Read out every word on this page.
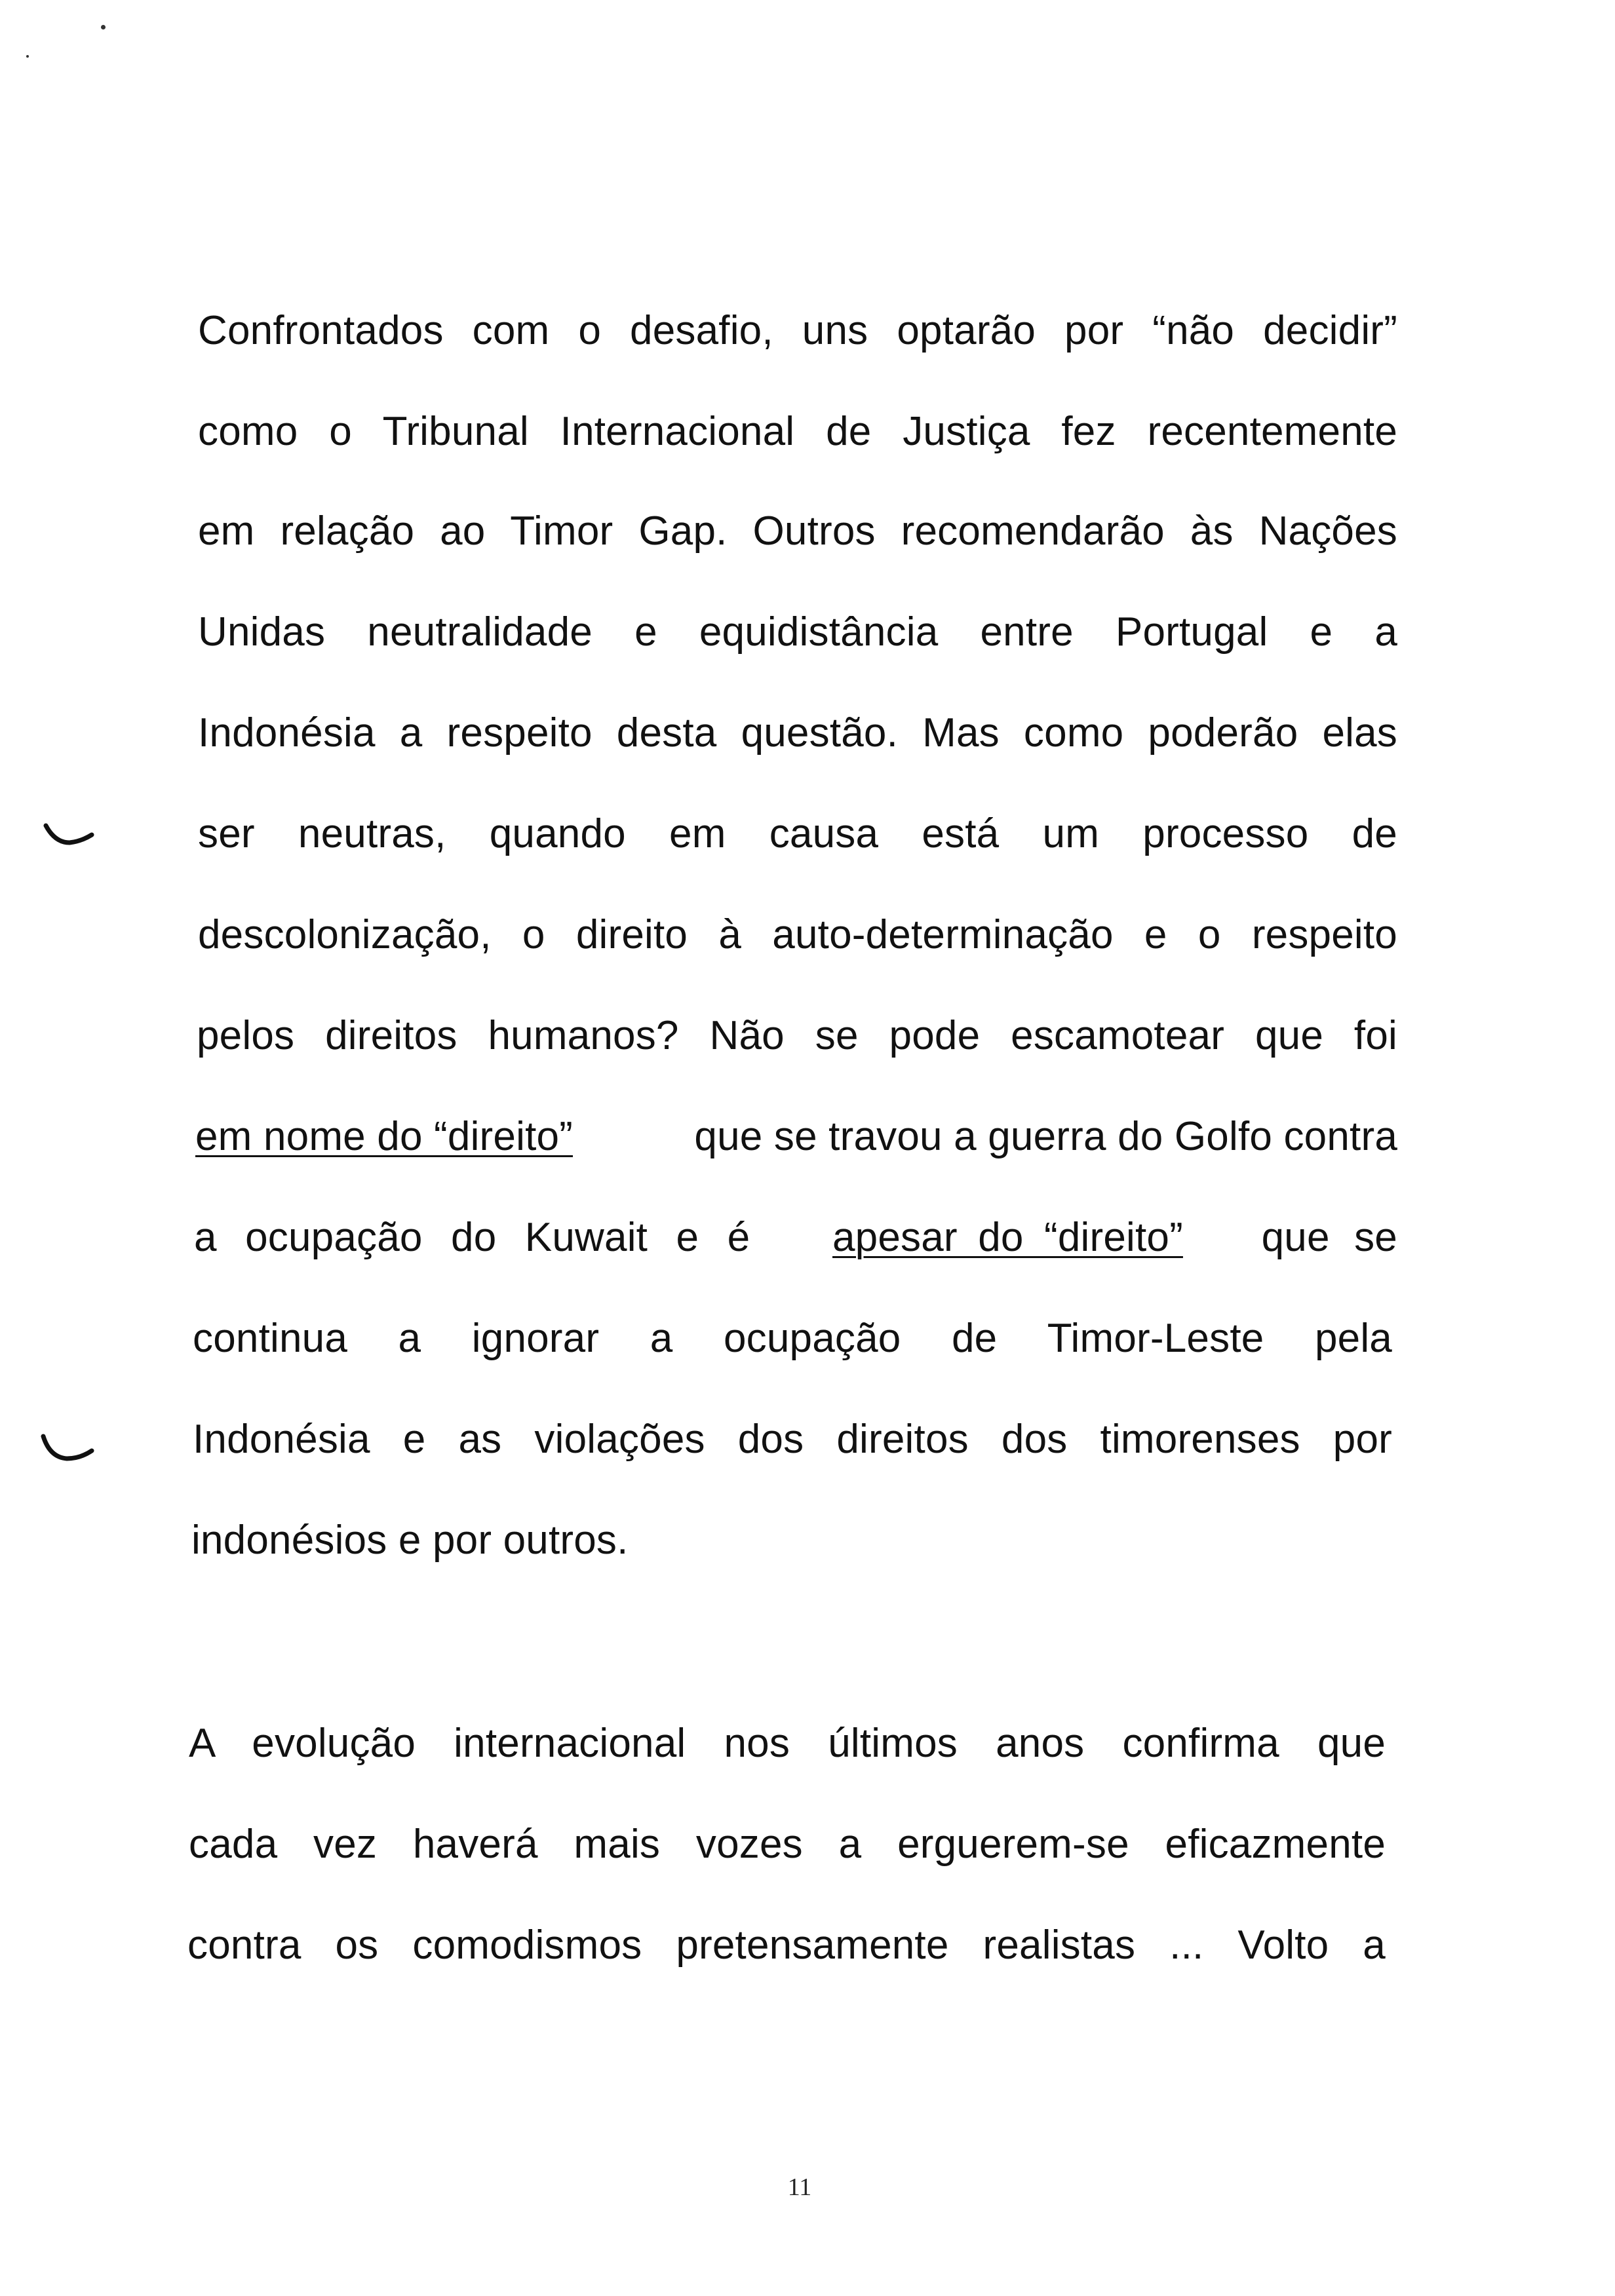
Confrontados com o desafio, uns optarão por “não decidir”
como o Tribunal Internacional de Justiça fez recentemente
em relação ao Timor Gap. Outros recomendarão às Nações
Unidas neutralidade e equidistância entre Portugal e a
Indonésia a respeito desta questão. Mas como poderão elas
ser neutras, quando em causa está um processo de
descolonização, o direito à auto-determinação e o respeito
pelos direitos humanos? Não se pode escamotear que foi
em nome do “direito”	que se travou a guerra do Golfo contra
a ocupação do Kuwait e é apesar do “direito” que se
continua a ignorar a ocupação de Timor-Leste pela
Indonésia e as violações dos direitos dos timorenses por
indonésios e por outros.
A evolução internacional nos últimos anos confirma que
cada vez haverá mais vozes a erguerem-se eficazmente
contra os comodismos pretensamente realistas ... Volto a
11
